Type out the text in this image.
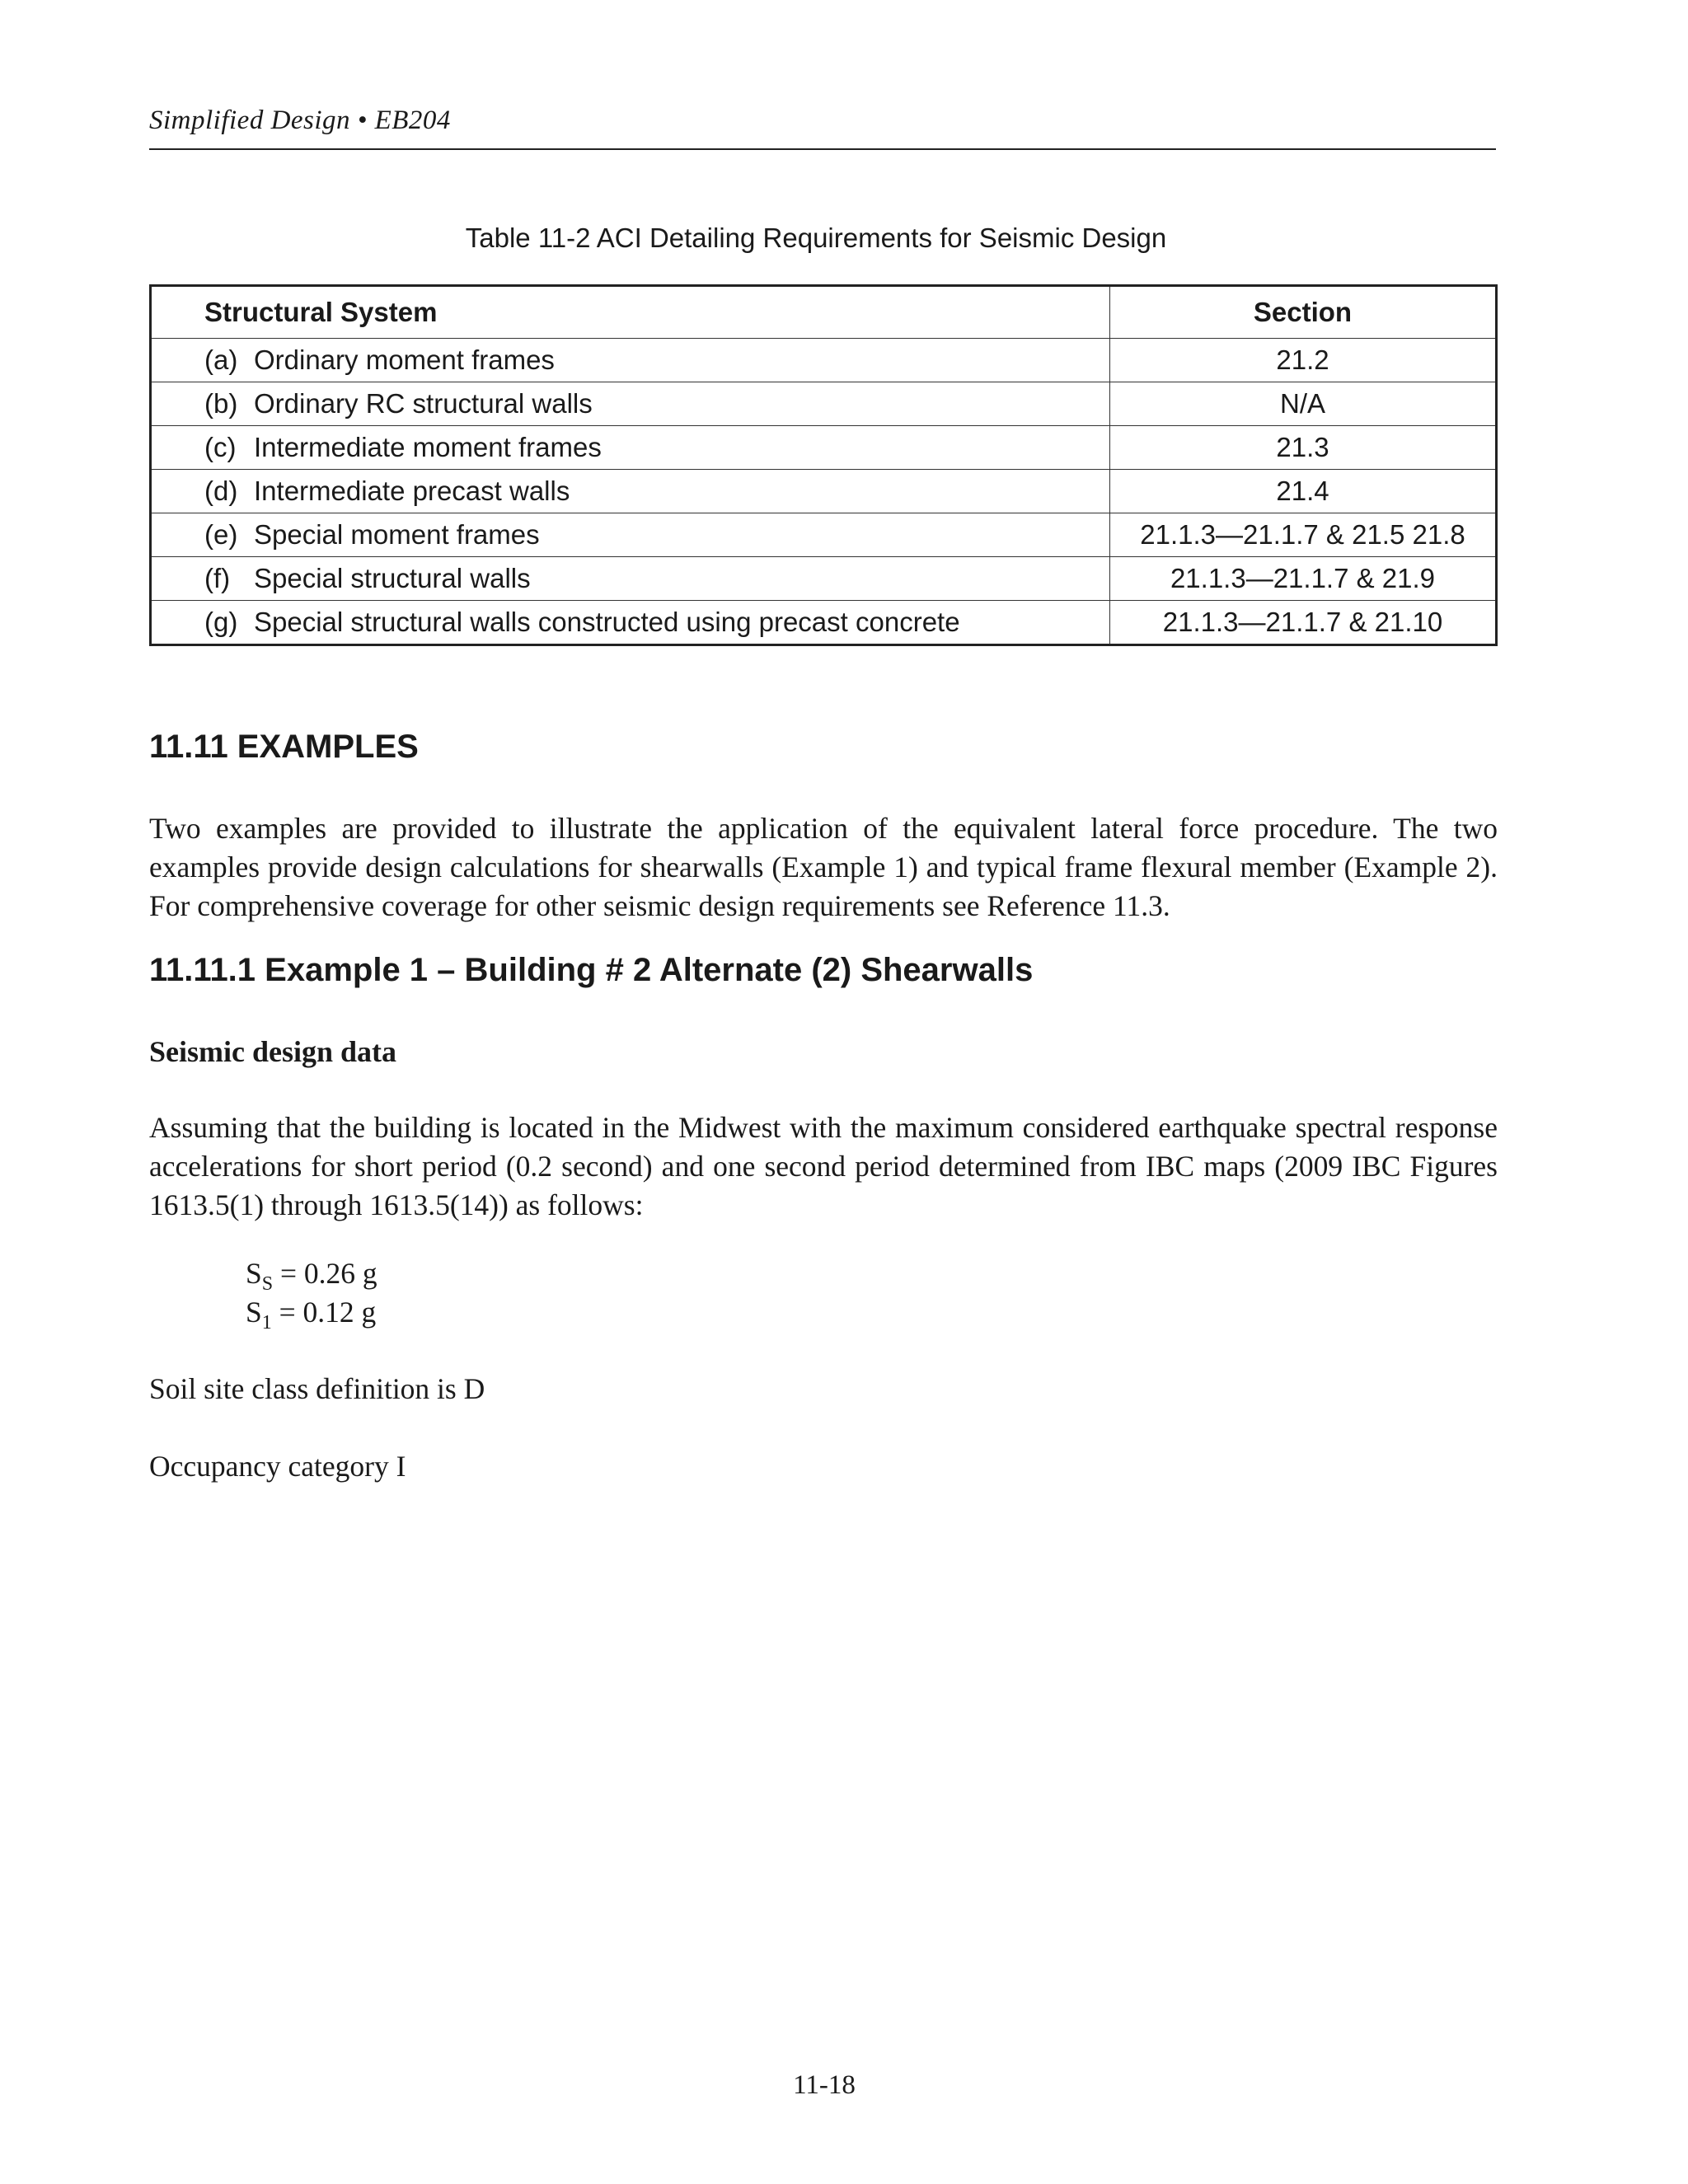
Simplified Design • EB204
Table 11-2 ACI Detailing Requirements for Seismic Design
Structural System	Section
(a) Ordinary moment frames	21.2
(b) Ordinary RC structural walls	N/A
(c) Intermediate moment frames	21.3
(d) Intermediate precast walls	21.4
(e) Special moment frames	21.1.3—21.1.7 & 21.5 21.8
(f) Special structural walls	21.1.3—21.1.7 & 21.9
(g) Special structural walls constructed using precast concrete	21.1.3—21.1.7 & 21.10
11.11 EXAMPLES
Two examples are provided to illustrate the application of the equivalent lateral force procedure. The two examples provide design calculations for shearwalls (Example 1) and typical frame flexural member (Example 2). For comprehensive coverage for other seismic design requirements see Reference 11.3.
11.11.1 Example 1 – Building # 2 Alternate (2) Shearwalls
Seismic design data
Assuming that the building is located in the Midwest with the maximum considered earthquake spectral response accelerations for short period (0.2 second) and one second period determined from IBC maps (2009 IBC Figures 1613.5(1) through 1613.5(14)) as follows:
$S_S = 0.26$ g
$S_1 = 0.12$ g
Soil site class definition is D
Occupancy category I
11-18
